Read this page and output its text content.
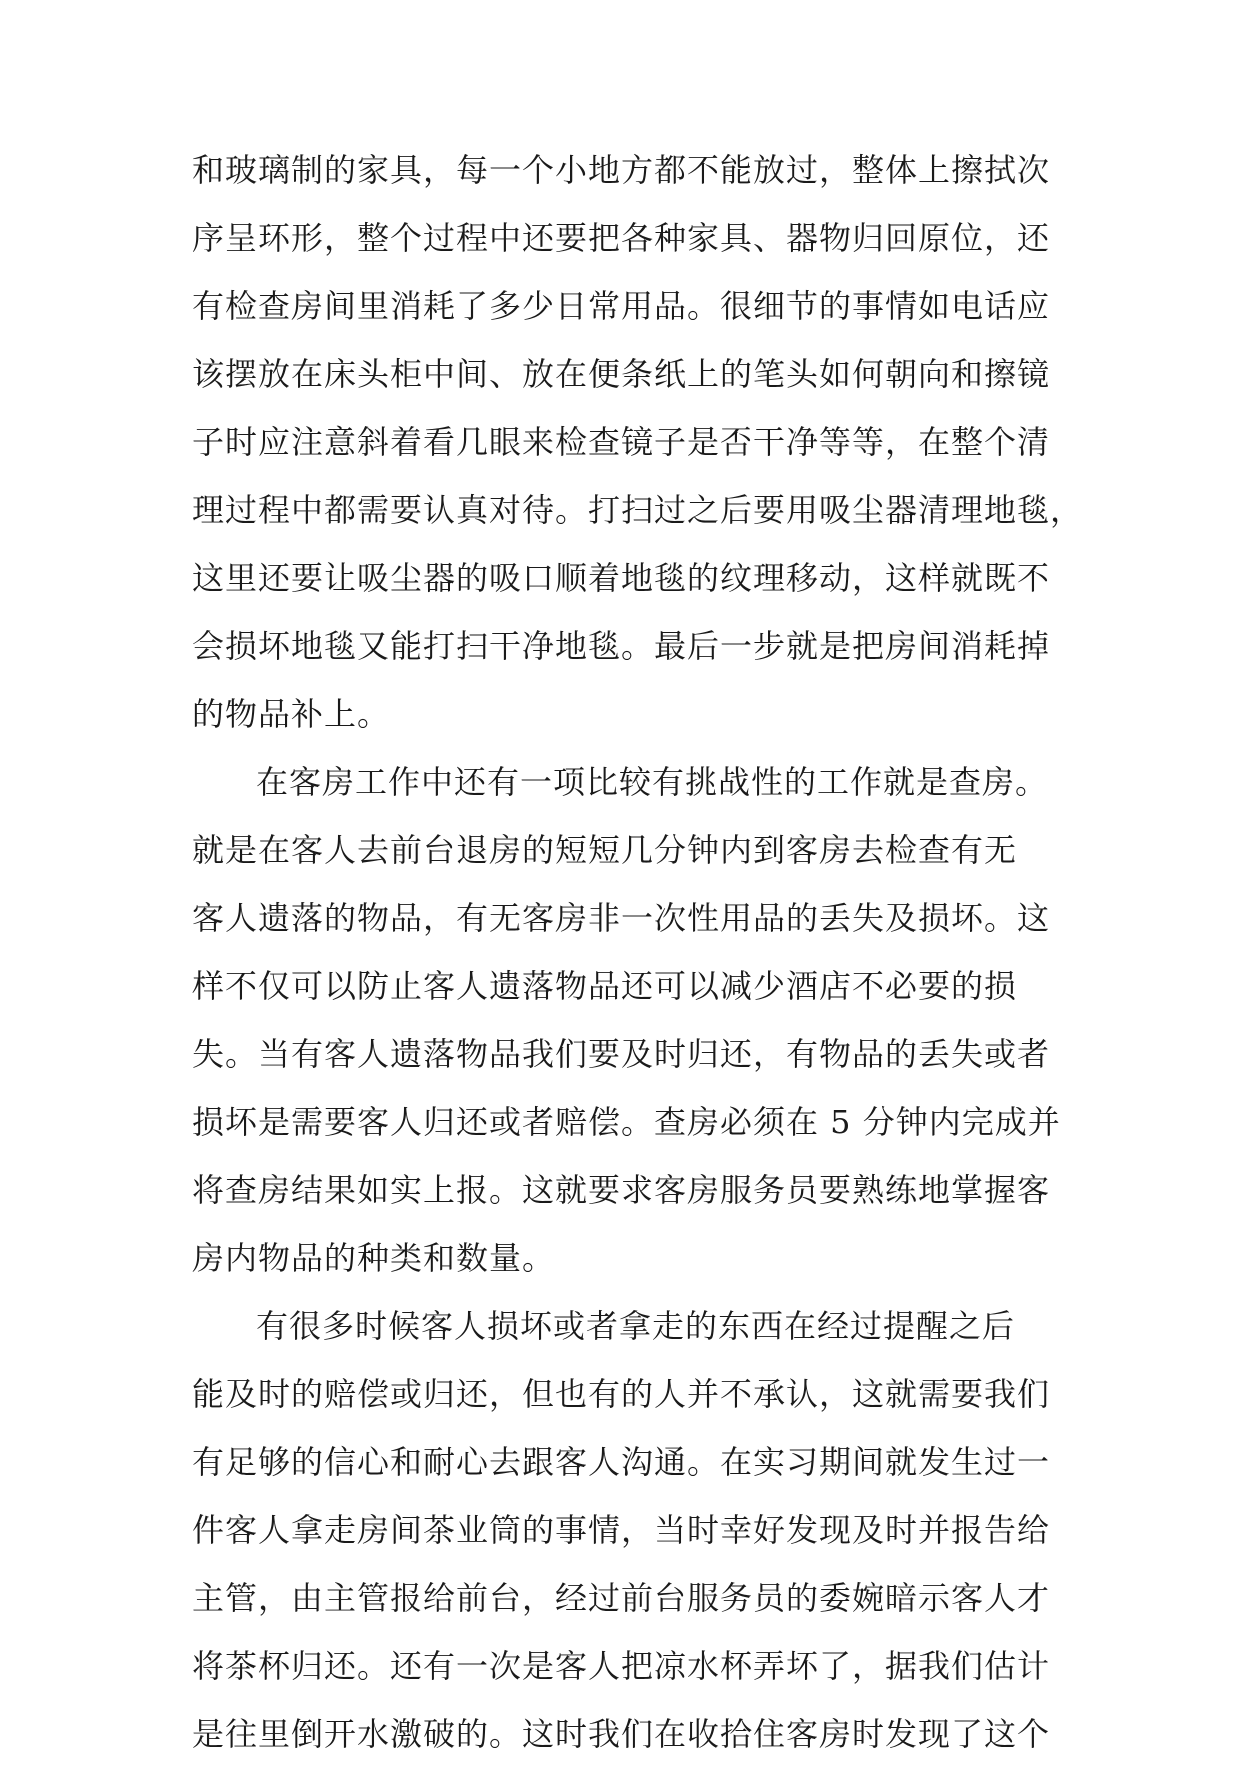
和玻璃制的家具，每一个小地方都不能放过，整体上擦拭次
序呈环形，整个过程中还要把各种家具、器物归回原位，还
有检查房间里消耗了多少日常用品。很细节的事情如电话应
该摆放在床头柜中间、放在便条纸上的笔头如何朝向和擦镜
子时应注意斜着看几眼来检查镜子是否干净等等，在整个清
理过程中都需要认真对待。打扫过之后要用吸尘器清理地毯，
这里还要让吸尘器的吸口顺着地毯的纹理移动，这样就既不
会损坏地毯又能打扫干净地毯。最后一步就是把房间消耗掉
的物品补上。
在客房工作中还有一项比较有挑战性的工作就是查房。
就是在客人去前台退房的短短几分钟内到客房去检查有无
客人遗落的物品，有无客房非一次性用品的丢失及损坏。这
样不仅可以防止客人遗落物品还可以减少酒店不必要的损
失。当有客人遗落物品我们要及时归还，有物品的丢失或者
损坏是需要客人归还或者赔偿。查房必须在 5 分钟内完成并
将查房结果如实上报。这就要求客房服务员要熟练地掌握客
房内物品的种类和数量。
有很多时候客人损坏或者拿走的东西在经过提醒之后
能及时的赔偿或归还，但也有的人并不承认，这就需要我们
有足够的信心和耐心去跟客人沟通。在实习期间就发生过一
件客人拿走房间茶业筒的事情，当时幸好发现及时并报告给
主管，由主管报给前台，经过前台服务员的委婉暗示客人才
将茶杯归还。还有一次是客人把凉水杯弄坏了，据我们估计
是往里倒开水激破的。这时我们在收拾住客房时发现了这个
